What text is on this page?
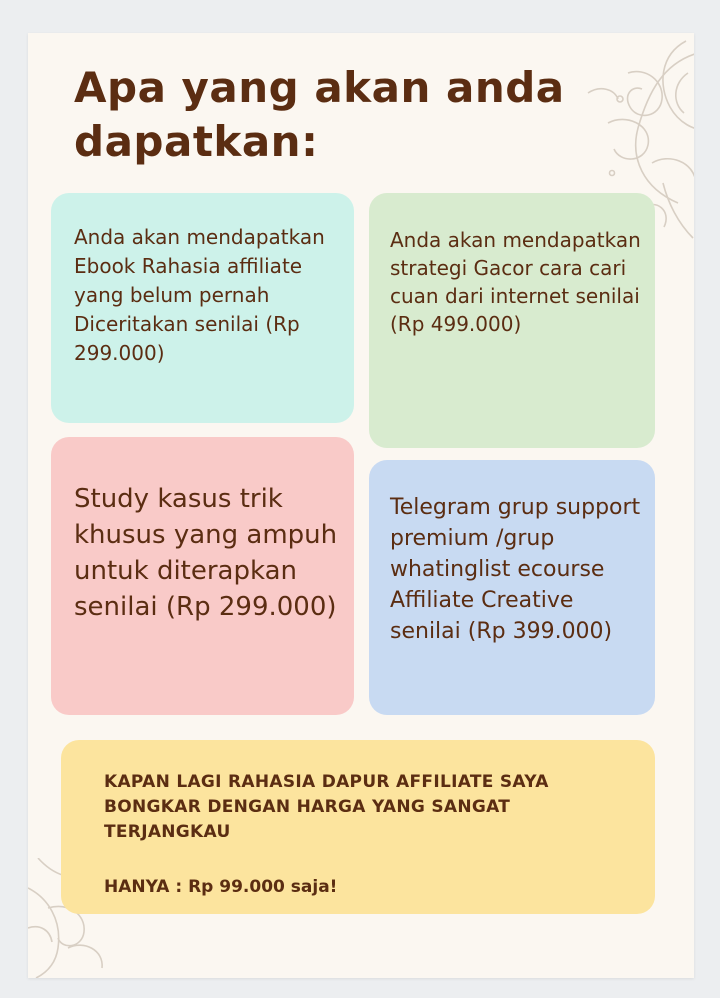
Apa yang akan anda dapatkan:

Anda akan mendapatkan Ebook Rahasia affiliate yang belum pernah Diceritakan senilai (Rp 299.000)

Anda akan mendapatkan strategi Gacor cara cari cuan dari internet senilai (Rp 499.000)

Study kasus trik khusus yang ampuh untuk diterapkan senilai (Rp 299.000)

Telegram grup support premium /grup whatinglist ecourse Affiliate Creative senilai (Rp 399.000)

KAPAN LAGI RAHASIA DAPUR AFFILIATE SAYA BONGKAR DENGAN HARGA YANG SANGAT TERJANGKAU

HANYA : Rp 99.000 saja!
